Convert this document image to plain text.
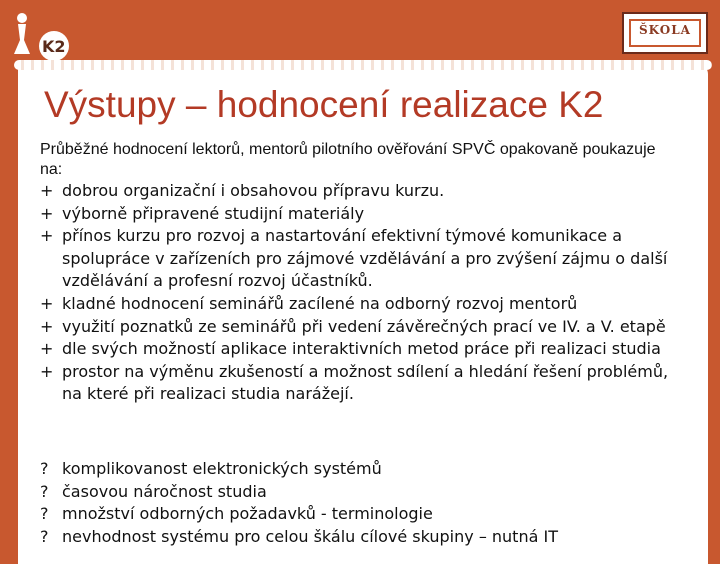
K2
ŠKOLA
Výstupy – hodnocení realizace K2
Průběžné hodnocení lektorů, mentorů pilotního ověřování SPVČ opakovaně poukazuje na:
+ dobrou organizační i obsahovou přípravu kurzu.
+ výborně připravené studijní materiály
+ přínos kurzu pro rozvoj a nastartování efektivní týmové komunikace a spolupráce v zařízeních pro zájmové vzdělávání a pro zvýšení zájmu o další vzdělávání a profesní rozvoj účastníků.
+ kladné hodnocení seminářů zacílené na odborný rozvoj mentorů
+ využití poznatků ze seminářů při vedení závěrečných prací ve IV. a V. etapě
+ dle svých možností aplikace interaktivních metod práce při realizaci studia
+ prostor na výměnu zkušeností a možnost sdílení a hledání řešení problémů, na které při realizaci studia narážejí.
? komplikovanost elektronických systémů
? časovou náročnost studia
? množství odborných požadavků - terminologie
? nevhodnost systému pro celou škálu cílové skupiny – nutná IT
